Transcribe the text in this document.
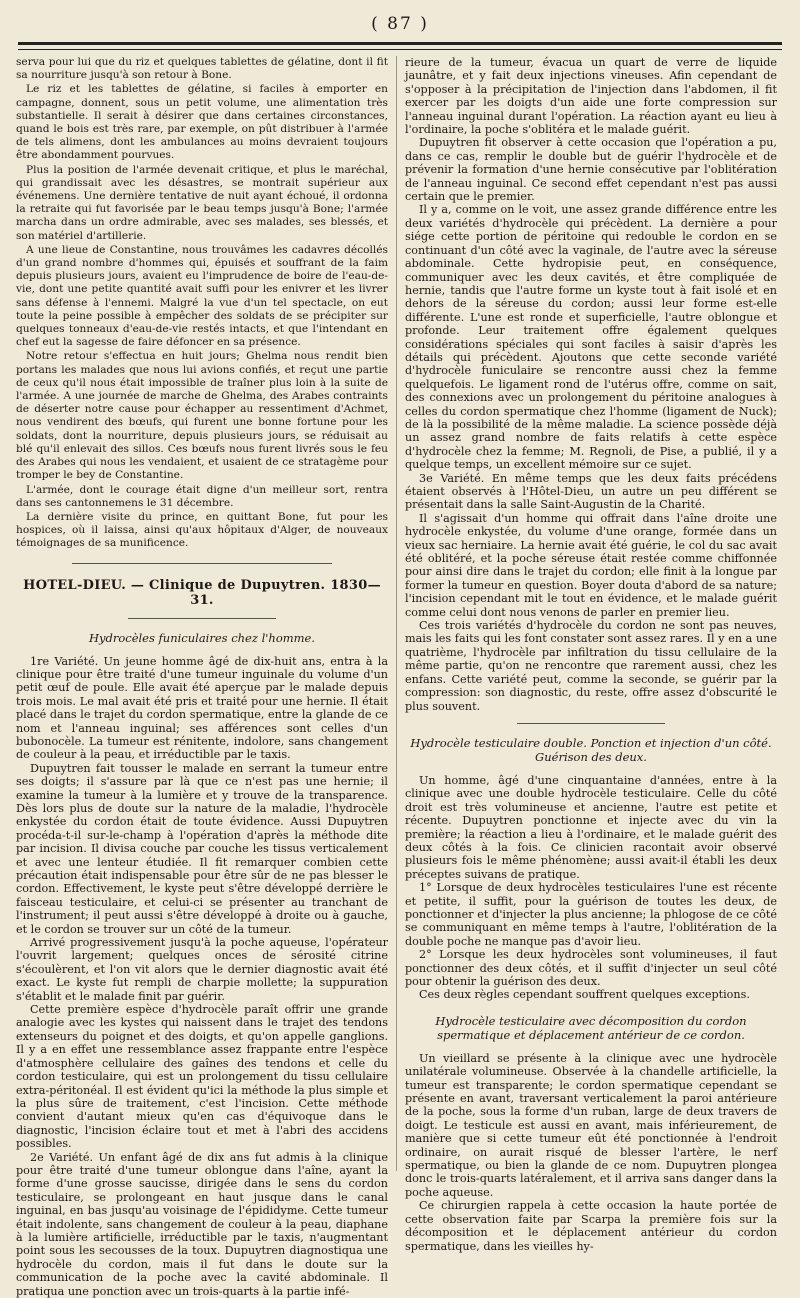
( 87 )

serva pour lui que du riz et quelques tablettes de gélatine, dont il fit sa nourriture jusqu'à son retour à Bone.

Le riz et les tablettes de gélatine, si faciles à emporter en campagne, donnent, sous un petit volume, une alimentation très substantielle. Il serait à désirer que dans certaines circonstances, quand le bois est très rare, par exemple, on pût distribuer à l'armée de tels alimens, dont les ambulances au moins devraient toujours être abondamment pourvues.

Plus la position de l'armée devenait critique, et plus le maréchal, qui grandissait avec les désastres, se montrait supérieur aux événemens. Une dernière tentative de nuit ayant échoué, il ordonna la retraite qui fut favorisée par le beau temps jusqu'à Bone; l'armée marcha dans un ordre admirable, avec ses malades, ses blessés, et son matériel d'artillerie.

A une lieue de Constantine, nous trouvâmes les cadavres décollés d'un grand nombre d'hommes qui, épuisés et souffrant de la faim depuis plusieurs jours, avaient eu l'imprudence de boire de l'eau-de-vie, dont une petite quantité avait suffi pour les enivrer et les livrer sans défense à l'ennemi. Malgré la vue d'un tel spectacle, on eut toute la peine possible à empêcher des soldats de se précipiter sur quelques tonneaux d'eau-de-vie restés intacts, et que l'intendant en chef eut la sagesse de faire défoncer en sa présence.

Notre retour s'effectua en huit jours; Ghelma nous rendit bien portans les malades que nous lui avions confiés, et reçut une partie de ceux qu'il nous était impossible de traîner plus loin à la suite de l'armée. A une journée de marche de Ghelma, des Arabes contraints de déserter notre cause pour échapper au ressentiment d'Achmet, nous vendirent des bœufs, qui furent une bonne fortune pour les soldats, dont la nourriture, depuis plusieurs jours, se réduisait au blé qu'il enlevait des sillos. Ces bœufs nous furent livrés sous le feu des Arabes qui nous les vendaient, et usaient de ce stratagème pour tromper le bey de Constantine.

L'armée, dont le courage était digne d'un meilleur sort, rentra dans ses cantonnemens le 31 décembre.

La dernière visite du prince, en quittant Bone, fut pour les hospices, où il laissa, ainsi qu'aux hôpitaux d'Alger, de nouveaux témoignages de sa munificence.

HOTEL-DIEU. — Clinique de Dupuytren. 1830—31.
Hydrocèles funiculaires chez l'homme.

1re Variété. Un jeune homme âgé de dix-huit ans, entra à la clinique pour être traité d'une tumeur inguinale du volume d'un petit œuf de poule. Elle avait été aperçue par le malade depuis trois mois. Le mal avait été pris et traité pour une hernie. Il était placé dans le trajet du cordon spermatique, entre la glande de ce nom et l'anneau inguinal; ses afférences sont celles d'un bubonocèle. La tumeur est rénitente, indolore, sans changement de couleur à la peau, et irréductible par le taxis.

Dupuytren fait tousser le malade en serrant la tumeur entre ses doigts; il s'assure par là que ce n'est pas une hernie; il examine la tumeur à la lumière et y trouve de la transparence. Dès lors plus de doute sur la nature de la maladie, l'hydrocèle enkystée du cordon était de toute évidence. Aussi Dupuytren procéda-t-il sur-le-champ à l'opération d'après la méthode dite par incision. Il divisa couche par couche les tissus verticalement et avec une lenteur étudiée. Il fit remarquer combien cette précaution était indispensable pour être sûr de ne pas blesser le cordon. Effectivement, le kyste peut s'être développé derrière le faisceau testiculaire, et celui-ci se présenter au tranchant de l'instrument; il peut aussi s'être développé à droite ou à gauche, et le cordon se trouver sur un côté de la tumeur.

Arrivé progressivement jusqu'à la poche aqueuse, l'opérateur l'ouvrit largement; quelques onces de sérosité citrine s'écoulèrent, et l'on vit alors que le dernier diagnostic avait été exact. Le kyste fut rempli de charpie mollette; la suppuration s'établit et le malade finit par guérir.

Cette première espèce d'hydrocèle paraît offrir une grande analogie avec les kystes qui naissent dans le trajet des tendons extenseurs du poignet et des doigts, et qu'on appelle ganglions. Il y a en effet une ressemblance assez frappante entre l'espèce d'atmosphère cellulaire des gaînes des tendons et celle du cordon testiculaire, qui est un prolongement du tissu cellulaire extra-péritonéal. Il est évident qu'ici la méthode la plus simple et la plus sûre de traitement, c'est l'incision. Cette méthode convient d'autant mieux qu'en cas d'équivoque dans le diagnostic, l'incision éclaire tout et met à l'abri des accidens possibles.

2e Variété. Un enfant âgé de dix ans fut admis à la clinique pour être traité d'une tumeur oblongue dans l'aîne, ayant la forme d'une grosse saucisse, dirigée dans le sens du cordon testiculaire, se prolongeant en haut jusque dans le canal inguinal, en bas jusqu'au voisinage de l'épididyme. Cette tumeur était indolente, sans changement de couleur à la peau, diaphane à la lumière artificielle, irréductible par le taxis, n'augmentant point sous les secousses de la toux. Dupuytren diagnostiqua une hydrocèle du cordon, mais il fut dans le doute sur la communication de la poche avec la cavité abdominale. Il pratiqua une ponction avec un trois-quarts à la partie infé-

rieure de la tumeur, évacua un quart de verre de liquide jaunâtre, et y fait deux injections vineuses. Afin cependant de s'opposer à la précipitation de l'injection dans l'abdomen, il fit exercer par les doigts d'un aide une forte compression sur l'anneau inguinal durant l'opération. La réaction ayant eu lieu à l'ordinaire, la poche s'oblitéra et le malade guérit.

Dupuytren fit observer à cette occasion que l'opération a pu, dans ce cas, remplir le double but de guérir l'hydrocèle et de prévenir la formation d'une hernie consécutive par l'oblitération de l'anneau inguinal. Ce second effet cependant n'est pas aussi certain que le premier.

Il y a, comme on le voit, une assez grande différence entre les deux variétés d'hydrocèle qui précèdent. La dernière a pour siége cette portion de péritoine qui redouble le cordon en se continuant d'un côté avec la vaginale, de l'autre avec la séreuse abdominale. Cette hydropisie peut, en conséquence, communiquer avec les deux cavités, et être compliquée de hernie, tandis que l'autre forme un kyste tout à fait isolé et en dehors de la séreuse du cordon; aussi leur forme est-elle différente. L'une est ronde et superficielle, l'autre oblongue et profonde. Leur traitement offre également quelques considérations spéciales qui sont faciles à saisir d'après les détails qui précèdent. Ajoutons que cette seconde variété d'hydrocèle funiculaire se rencontre aussi chez la femme quelquefois. Le ligament rond de l'utérus offre, comme on sait, des connexions avec un prolongement du péritoine analogues à celles du cordon spermatique chez l'homme (ligament de Nuck); de là la possibilité de la même maladie. La science possède déjà un assez grand nombre de faits relatifs à cette espèce d'hydrocèle chez la femme; M. Regnoli, de Pise, a publié, il y a quelque temps, un excellent mémoire sur ce sujet.

3e Variété. En même temps que les deux faits précédens étaient observés à l'Hôtel-Dieu, un autre un peu différent se présentait dans la salle Saint-Augustin de la Charité.

Il s'agissait d'un homme qui offrait dans l'aîne droite une hydrocèle enkystée, du volume d'une orange, formée dans un vieux sac herniaire. La hernie avait été guérie, le col du sac avait été oblitéré, et la poche séreuse était restée comme chiffonnée pour ainsi dire dans le trajet du cordon; elle finit à la longue par former la tumeur en question. Boyer douta d'abord de sa nature; l'incision cependant mit le tout en évidence, et le malade guérit comme celui dont nous venons de parler en premier lieu.

Ces trois variétés d'hydrocèle du cordon ne sont pas neuves, mais les faits qui les font constater sont assez rares. Il y en a une quatrième, l'hydrocèle par infiltration du tissu cellulaire de la même partie, qu'on ne rencontre que rarement aussi, chez les enfans. Cette variété peut, comme la seconde, se guérir par la compression: son diagnostic, du reste, offre assez d'obscurité le plus souvent.

Hydrocèle testiculaire double. Ponction et injection d'un côté. Guérison des deux.

Un homme, âgé d'une cinquantaine d'années, entre à la clinique avec une double hydrocèle testiculaire. Celle du côté droit est très volumineuse et ancienne, l'autre est petite et récente. Dupuytren ponctionne et injecte avec du vin la première; la réaction a lieu à l'ordinaire, et le malade guérit des deux côtés à la fois. Ce clinicien racontait avoir observé plusieurs fois le même phénomène; aussi avait-il établi les deux préceptes suivans de pratique.

1° Lorsque de deux hydrocèles testiculaires l'une est récente et petite, il suffit, pour la guérison de toutes les deux, de ponctionner et d'injecter la plus ancienne; la phlogose de ce côté se communiquant en même temps à l'autre, l'oblitération de la double poche ne manque pas d'avoir lieu.

2° Lorsque les deux hydrocèles sont volumineuses, il faut ponctionner des deux côtés, et il suffit d'injecter un seul côté pour obtenir la guérison des deux.

Ces deux règles cependant souffrent quelques exceptions.

Hydrocèle testiculaire avec décomposition du cordon spermatique et déplacement antérieur de ce cordon.

Un vieillard se présente à la clinique avec une hydrocèle unilatérale volumineuse. Observée à la chandelle artificielle, la tumeur est transparente; le cordon spermatique cependant se présente en avant, traversant verticalement la paroi antérieure de la poche, sous la forme d'un ruban, large de deux travers de doigt. Le testicule est aussi en avant, mais inférieurement, de manière que si cette tumeur eût été ponctionnée à l'endroit ordinaire, on aurait risqué de blesser l'artère, le nerf spermatique, ou bien la glande de ce nom. Dupuytren plongea donc le trois-quarts latéralement, et il arriva sans danger dans la poche aqueuse.

Ce chirurgien rappela à cette occasion la haute portée de cette observation faite par Scarpa la première fois sur la décomposition et le déplacement antérieur du cordon spermatique, dans les vieilles hy-
